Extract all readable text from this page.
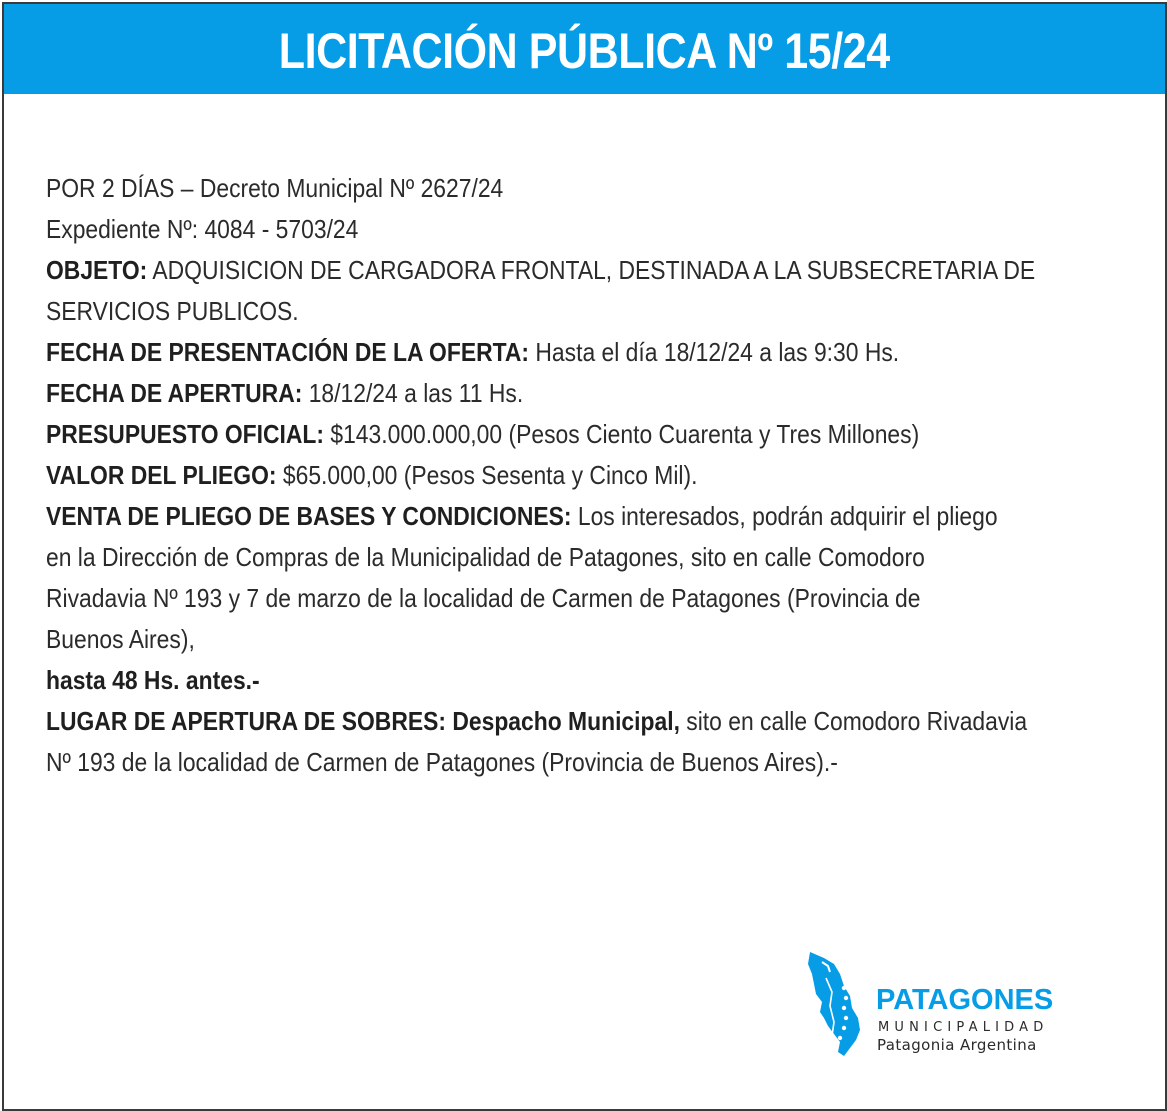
LICITACIÓN PÚBLICA Nº 15/24
POR 2 DÍAS – Decreto Municipal Nº 2627/24
Expediente Nº: 4084 - 5703/24
OBJETO: ADQUISICION DE CARGADORA FRONTAL, DESTINADA A LA SUBSECRETARIA DE
SERVICIOS PUBLICOS.
FECHA DE PRESENTACIÓN DE LA OFERTA: Hasta el día 18/12/24 a las 9:30 Hs.
FECHA DE APERTURA: 18/12/24 a las 11 Hs.
PRESUPUESTO OFICIAL: $143.000.000,00 (Pesos Ciento Cuarenta y Tres Millones)
VALOR DEL PLIEGO: $65.000,00 (Pesos Sesenta y Cinco Mil).
VENTA DE PLIEGO DE BASES Y CONDICIONES: Los interesados, podrán adquirir el pliego
en la Dirección de Compras de la Municipalidad de Patagones, sito en calle Comodoro
Rivadavia Nº 193 y 7 de marzo de la localidad de Carmen de Patagones (Provincia de
Buenos Aires),
hasta 48 Hs. antes.-
LUGAR DE APERTURA DE SOBRES: Despacho Municipal, sito en calle Comodoro Rivadavia
Nº 193 de la localidad de Carmen de Patagones (Provincia de Buenos Aires).-
PATAGONES
MUNICIPALIDAD
Patagonia Argentina
